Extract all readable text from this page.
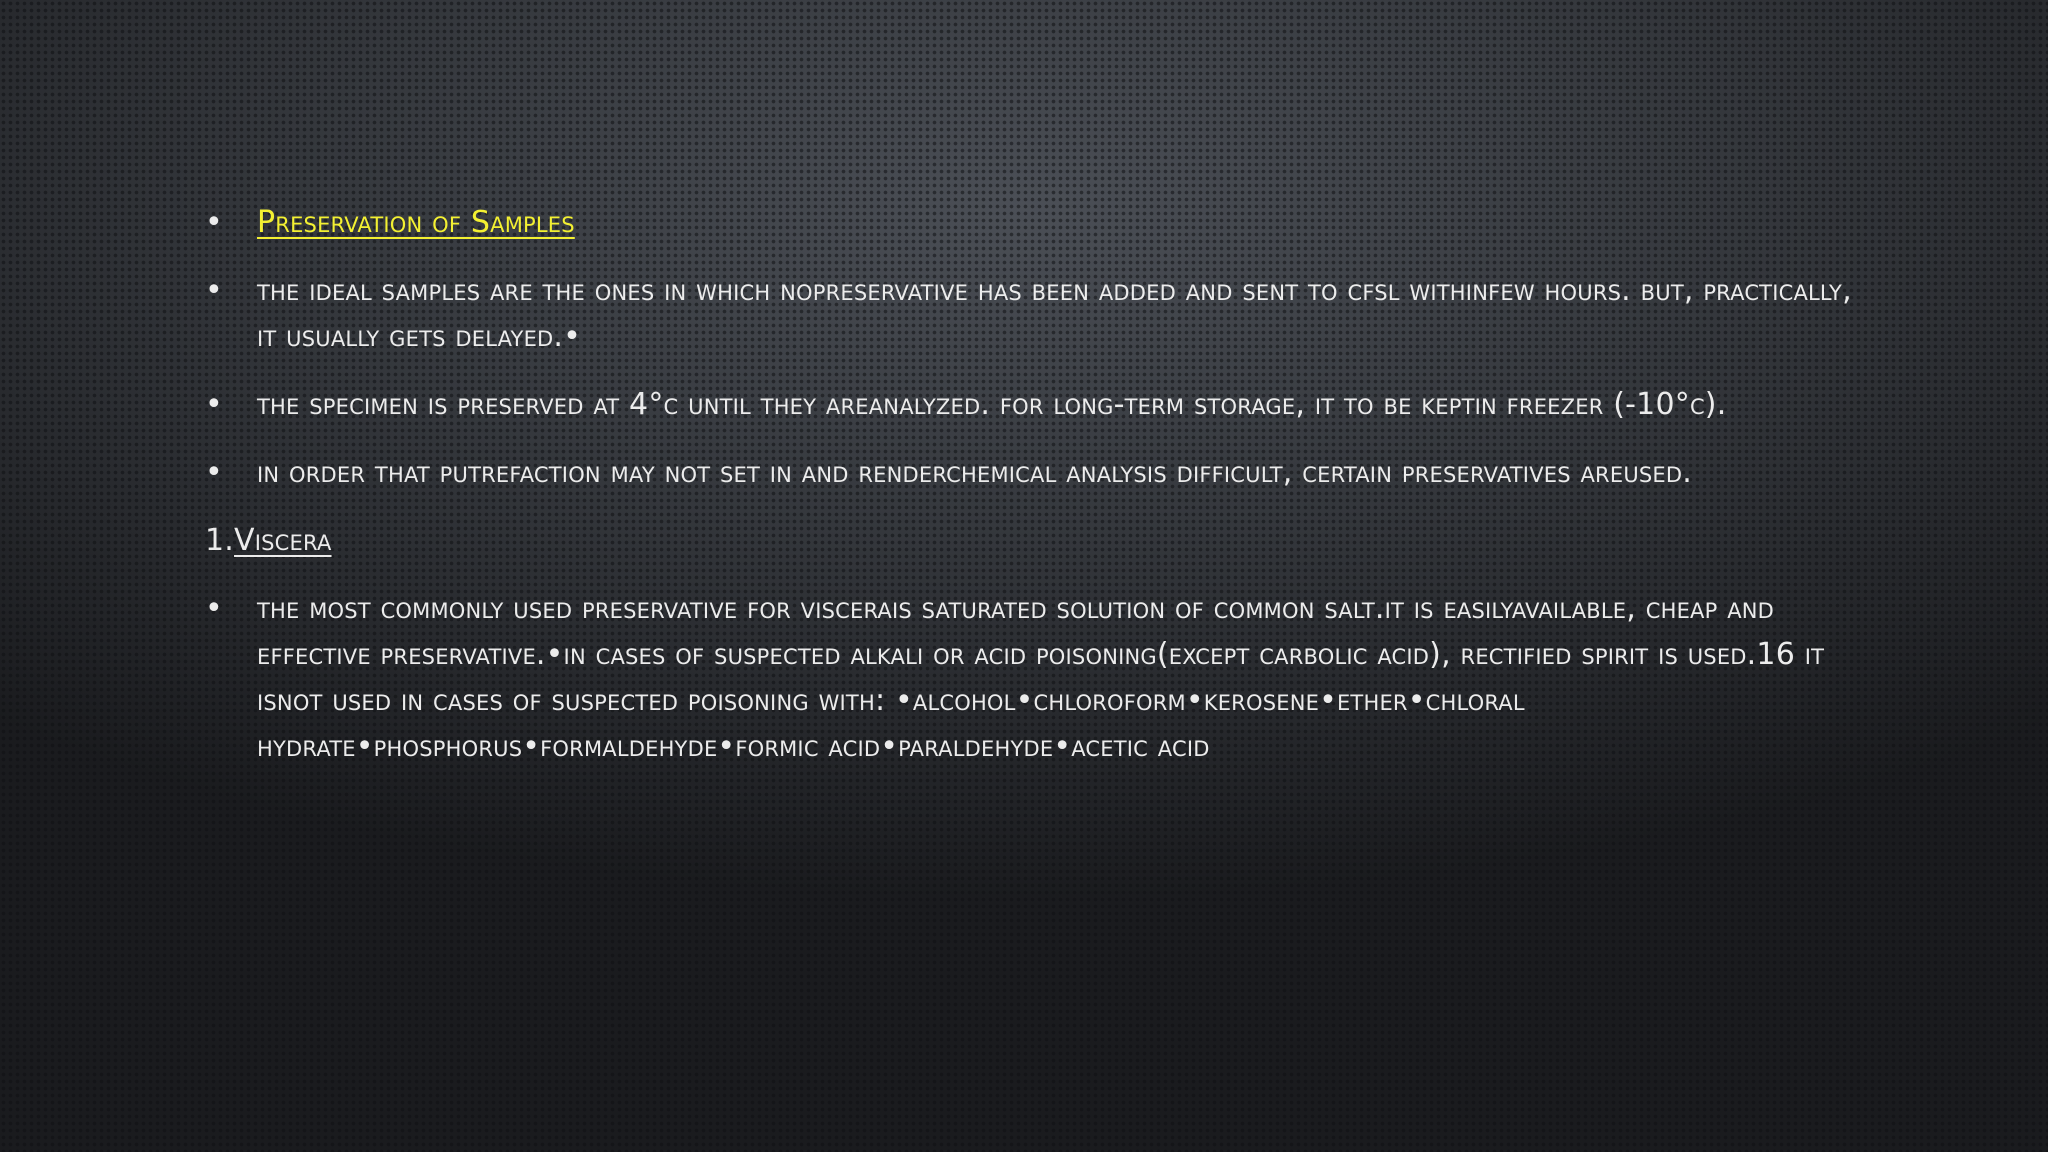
•	Preservation of Samples
•	the ideal samples are the ones in which nopreservative has been added and sent to cfsl withinfew hours. but, practically, it usually gets delayed.•
•	the specimen is preserved at 4°c until they areanalyzed. for long-term storage, it to be keptin freezer (-10°c).
•	in order that putrefaction may not set in and renderchemical analysis difficult, certain preservatives areused.
1.Viscera
•	the most commonly used preservative for viscerais saturated solution of common salt.it is easilyavailable, cheap and effective preservative.•in cases of suspected alkali or acid poisoning(except carbolic acid), rectified spirit is used.16 it isnot used in cases of suspected poisoning with: •alcohol•chloroform•kerosene•ether•chloral hydrate•phosphorus•formaldehyde•formic acid•paraldehyde•acetic acid
